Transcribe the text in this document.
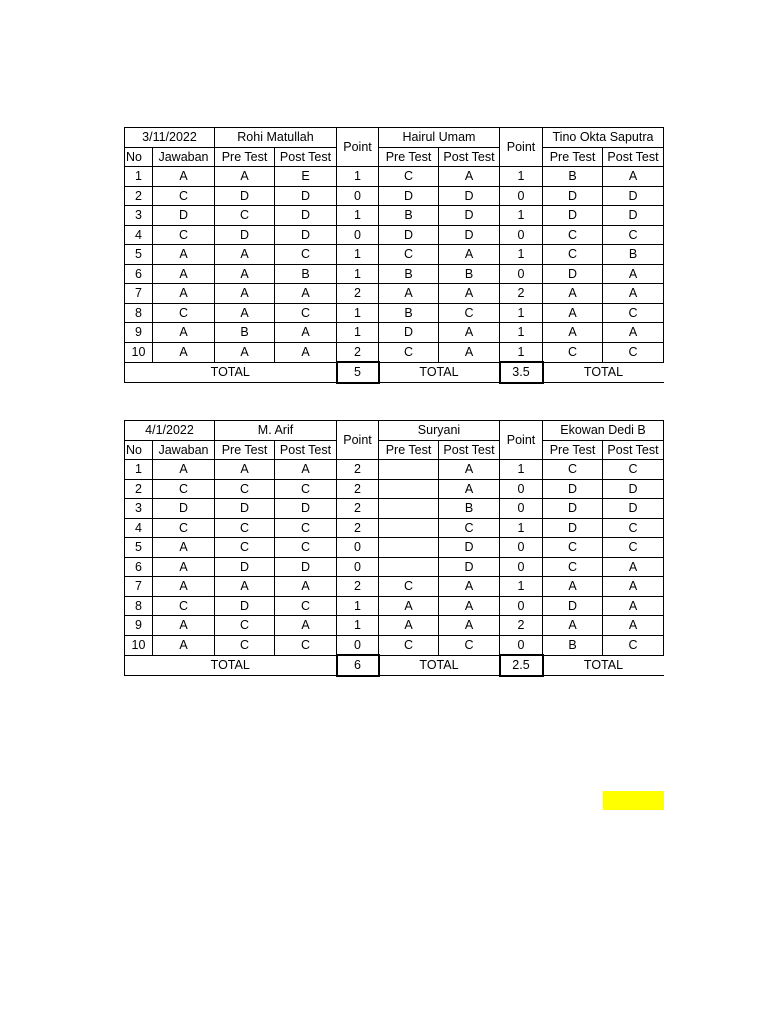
3/11/2022		Rohi Matullah		Point	Hairul Umam		Point	Tino Okta Saputra	
No	Jawaban	Pre Test	Post Test		Pre Test	Post Test		Pre Test	Post Test
1	A	A	E	1	C	A	1	B	A
2	C	D	D	0	D	D	0	D	D
3	D	C	D	1	B	D	1	D	D
4	C	D	D	0	D	D	0	C	C
5	A	A	C	1	C	A	1	C	B
6	A	A	B	1	B	B	0	D	A
7	A	A	A	2	A	A	2	A	A
8	C	A	C	1	B	C	1	A	C
9	A	B	A	1	D	A	1	A	A
10	A	A	A	2	C	A	1	C	C
TOTAL				5	TOTAL		3.5	TOTAL	
4/1/2022		M. Arif		Point	Suryani		Point	Ekowan Dedi B	
No	Jawaban	Pre Test	Post Test		Pre Test	Post Test		Pre Test	Post Test
1	A	A	A	2		A	1	C	C
2	C	C	C	2		A	0	D	D
3	D	D	D	2		B	0	D	D
4	C	C	C	2		C	1	D	C
5	A	C	C	0		D	0	C	C
6	A	D	D	0		D	0	C	A
7	A	A	A	2	C	A	1	A	A
8	C	D	C	1	A	A	0	D	A
9	A	C	A	1	A	A	2	A	A
10	A	C	C	0	C	C	0	B	C
TOTAL				6	TOTAL		2.5	TOTAL	
